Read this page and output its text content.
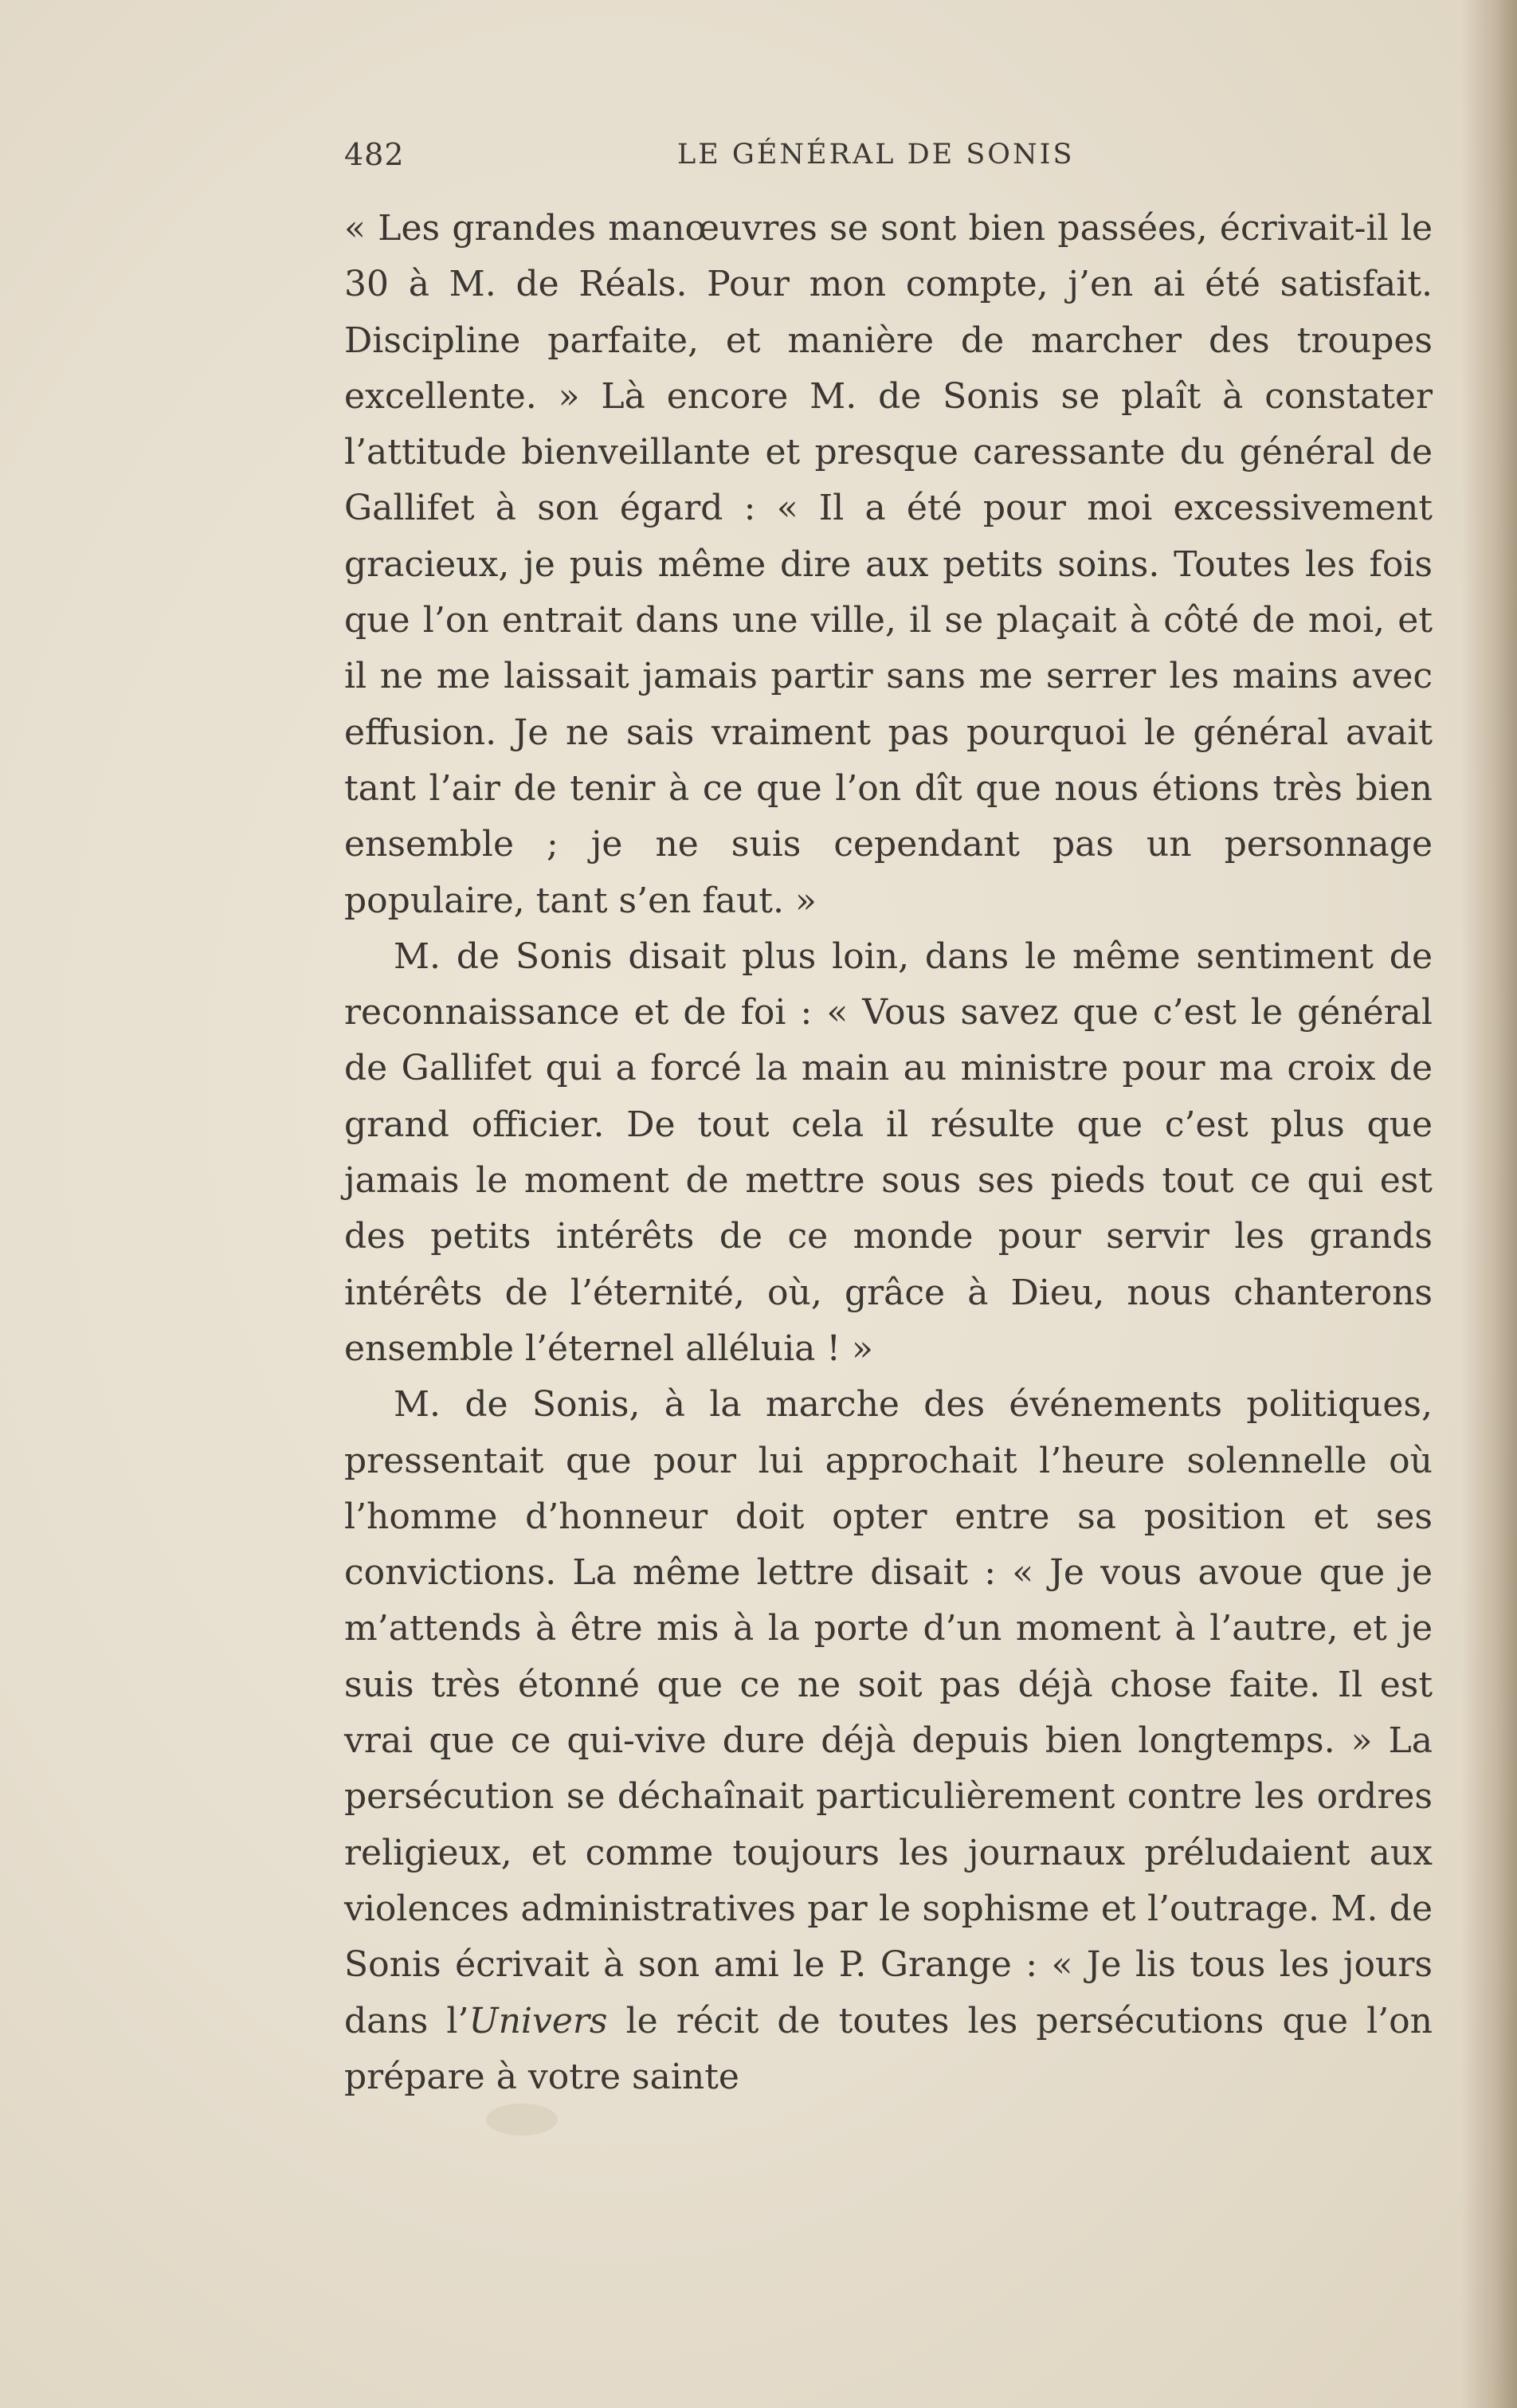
482	LE GÉNÉRAL DE SONIS

« Les grandes manœuvres se sont bien passées, écrivait-il le 30 à M. de Réals. Pour mon compte, j’en ai été satisfait. Discipline parfaite, et manière de marcher des troupes excellente. » Là encore M. de Sonis se plaît à constater l’attitude bienveillante et presque caressante du général de Gallifet à son égard : « Il a été pour moi excessivement gracieux, je puis même dire aux petits soins. Toutes les fois que l’on entrait dans une ville, il se plaçait à côté de moi, et il ne me laissait jamais partir sans me serrer les mains avec effusion. Je ne sais vraiment pas pourquoi le général avait tant l’air de tenir à ce que l’on dît que nous étions très bien ensemble ; je ne suis cependant pas un personnage populaire, tant s’en faut. »

M. de Sonis disait plus loin, dans le même sentiment de reconnaissance et de foi : « Vous savez que c’est le général de Gallifet qui a forcé la main au ministre pour ma croix de grand officier. De tout cela il résulte que c’est plus que jamais le moment de mettre sous ses pieds tout ce qui est des petits intérêts de ce monde pour servir les grands intérêts de l’éternité, où, grâce à Dieu, nous chanterons ensemble l’éternel alléluia ! »

M. de Sonis, à la marche des événements politiques, pressentait que pour lui approchait l’heure solennelle où l’homme d’honneur doit opter entre sa position et ses convictions. La même lettre disait : « Je vous avoue que je m’attends à être mis à la porte d’un moment à l’autre, et je suis très étonné que ce ne soit pas déjà chose faite. Il est vrai que ce qui-vive dure déjà depuis bien longtemps. » La persécution se déchaînait particulièrement contre les ordres religieux, et comme toujours les journaux préludaient aux violences administratives par le sophisme et l’outrage. M. de Sonis écrivait à son ami le P. Grange : « Je lis tous les jours dans l’Univers le récit de toutes les persécutions que l’on prépare à votre sainte
